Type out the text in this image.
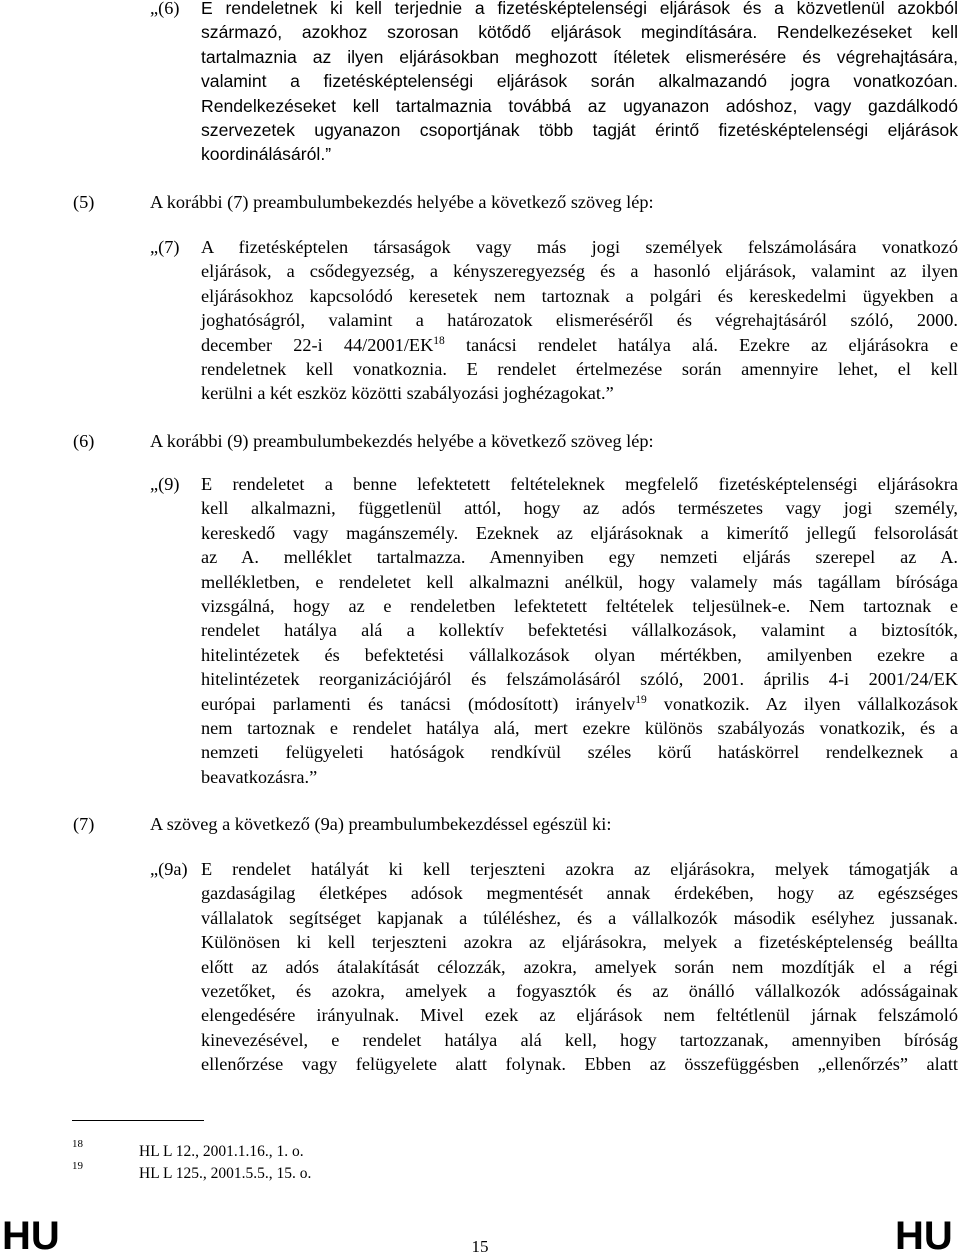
„(6) E rendeletnek ki kell terjednie a fizetésképtelenségi eljárások és a közvetlenül azokból
származó, azokhoz szorosan kötődő eljárások megindítására. Rendelkezéseket kell
tartalmaznia az ilyen eljárásokban meghozott ítéletek elismerésére és végrehajtására,
valamint a fizetésképtelenségi eljárások során alkalmazandó jogra vonatkozóan.
Rendelkezéseket kell tartalmaznia továbbá az ugyanazon adóshoz, vagy gazdálkodó
szervezetek ugyanazon csoportjának több tagját érintő fizetésképtelenségi eljárások
koordinálásáról.”
(5)	A korábbi (7) preambulumbekezdés helyébe a következő szöveg lép:
„(7) A fizetésképtelen társaságok vagy más jogi személyek felszámolására vonatkozó
eljárások, a csődegyezség, a kényszeregyezség és a hasonló eljárások, valamint az ilyen
eljárásokhoz kapcsolódó keresetek nem tartoznak a polgári és kereskedelmi ügyekben a
joghatóságról, valamint a határozatok elismeréséről és végrehajtásáról szóló, 2000.
december 22-i 44/2001/EK$^{18}$ tanácsi rendelet hatálya alá. Ezekre az eljárásokra e
rendeletnek kell vonatkoznia. E rendelet értelmezése során amennyire lehet, el kell
kerülni a két eszköz közötti szabályozási joghézagokat.”
(6)	A korábbi (9) preambulumbekezdés helyébe a következő szöveg lép:
„(9) E rendeletet a benne lefektetett feltételeknek megfelelő fizetésképtelenségi eljárásokra
kell alkalmazni, függetlenül attól, hogy az adós természetes vagy jogi személy,
kereskedő vagy magánszemély. Ezeknek az eljárásoknak a kimerítő jellegű felsorolását
az A. melléklet tartalmazza. Amennyiben egy nemzeti eljárás szerepel az A.
mellékletben, e rendeletet kell alkalmazni anélkül, hogy valamely más tagállam bírósága
vizsgálná, hogy az e rendeletben lefektetett feltételek teljesülnek-e. Nem tartoznak e
rendelet hatálya alá a kollektív befektetési vállalkozások, valamint a biztosítók,
hitelintézetek és befektetési vállalkozások olyan mértékben, amilyenben ezekre a
hitelintézetek reorganizációjáról és felszámolásáról szóló, 2001. április 4-i 2001/24/EK
európai parlamenti és tanácsi (módosított) irányelv$^{19}$ vonatkozik. Az ilyen vállalkozások
nem tartoznak e rendelet hatálya alá, mert ezekre különös szabályozás vonatkozik, és a
nemzeti felügyeleti hatóságok rendkívül széles körű hatáskörrel rendelkeznek a
beavatkozásra.”
(7)	A szöveg a következő (9a) preambulumbekezdéssel egészül ki:
„(9a) E rendelet hatályát ki kell terjeszteni azokra az eljárásokra, melyek támogatják a
gazdaságilag életképes adósok megmentését annak érdekében, hogy az egészséges
vállalatok segítséget kapjanak a túléléshez, és a vállalkozók második esélyhez jussanak.
Különösen ki kell terjeszteni azokra az eljárásokra, melyek a fizetésképtelenség beállta
előtt az adós átalakítását célozzák, azokra, amelyek során nem mozdítják el a régi
vezetőket, és azokra, amelyek a fogyasztók és az önálló vállalkozók adósságainak
elengedésére irányulnak. Mivel ezek az eljárások nem feltétlenül járnak felszámoló
kinevezésével, e rendelet hatálya alá kell, hogy tartozzanak, amennyiben bíróság
ellenőrzése vagy felügyelete alatt folynak. Ebben az összefüggésben „ellenőrzés” alatt
18	HL L 12., 2001.1.16., 1. o.
19	HL L 125., 2001.5.5., 15. o.
HU	15	HU
